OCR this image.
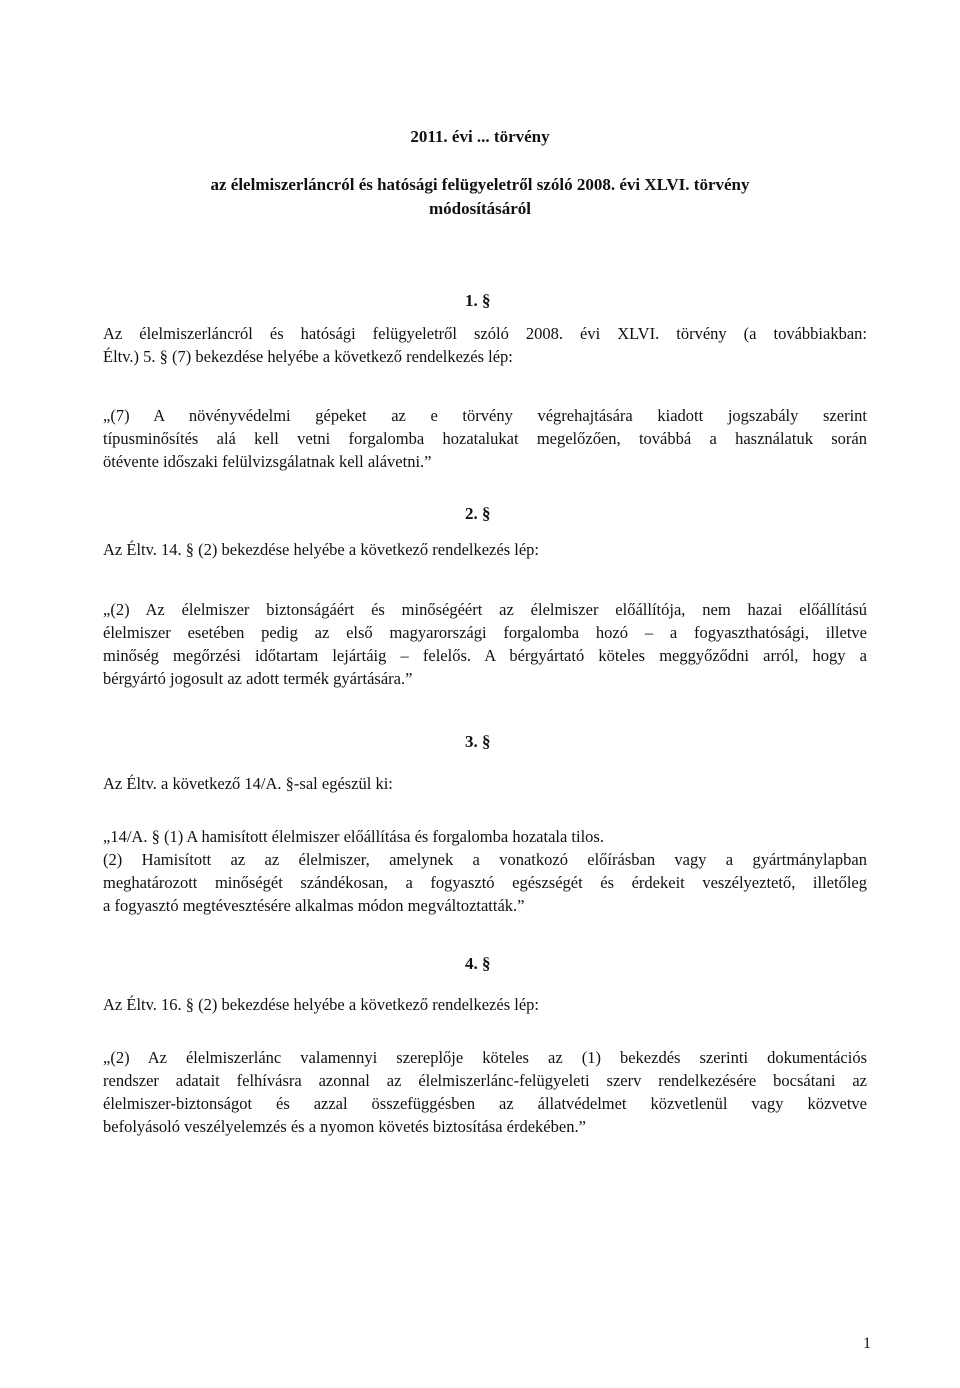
2011. évi ... törvény

az élelmiszerláncról és hatósági felügyeletről szóló 2008. évi XLVI. törvény

módosításáról

1. §

Az élelmiszerláncról és hatósági felügyeletről szóló 2008. évi XLVI. törvény (a továbbiakban:
Éltv.) 5. § (7) bekezdése helyébe a következő rendelkezés lép:
„(7) A növényvédelmi gépeket az e törvény végrehajtására kiadott jogszabály szerint
típusminősítés alá kell vetni forgalomba hozatalukat megelőzően, továbbá a használatuk során
ötévente időszaki felülvizsgálatnak kell alávetni.”

2. §

Az Éltv. 14. § (2) bekezdése helyébe a következő rendelkezés lép:
„(2) Az élelmiszer biztonságáért és minőségéért az élelmiszer előállítója, nem hazai előállítású
élelmiszer esetében pedig az első magyarországi forgalomba hozó – a fogyaszthatósági, illetve
minőség megőrzési időtartam lejártáig – felelős. A bérgyártató köteles meggyőződni arról, hogy a
bérgyártó jogosult az adott termék gyártására.”

3. §

Az Éltv. a következő 14/A. §-sal egészül ki:
„14/A. § (1) A hamisított élelmiszer előállítása és forgalomba hozatala tilos.
(2) Hamisított az az élelmiszer, amelynek a vonatkozó előírásban vagy a gyártmánylapban
meghatározott minőségét szándékosan, a fogyasztó egészségét és érdekeit veszélyeztető, illetőleg
a fogyasztó megtévesztésére alkalmas módon megváltoztatták.”

4. §

Az Éltv. 16. § (2) bekezdése helyébe a következő rendelkezés lép:
„(2) Az élelmiszerlánc valamennyi szereplője köteles az (1) bekezdés szerinti dokumentációs
rendszer adatait felhívásra azonnal az élelmiszerlánc-felügyeleti szerv rendelkezésére bocsátani az
élelmiszer-biztonságot és azzal összefüggésben az állatvédelmet közvetlenül vagy közvetve
befolyásoló veszélyelemzés és a nyomon követés biztosítása érdekében.”

1
